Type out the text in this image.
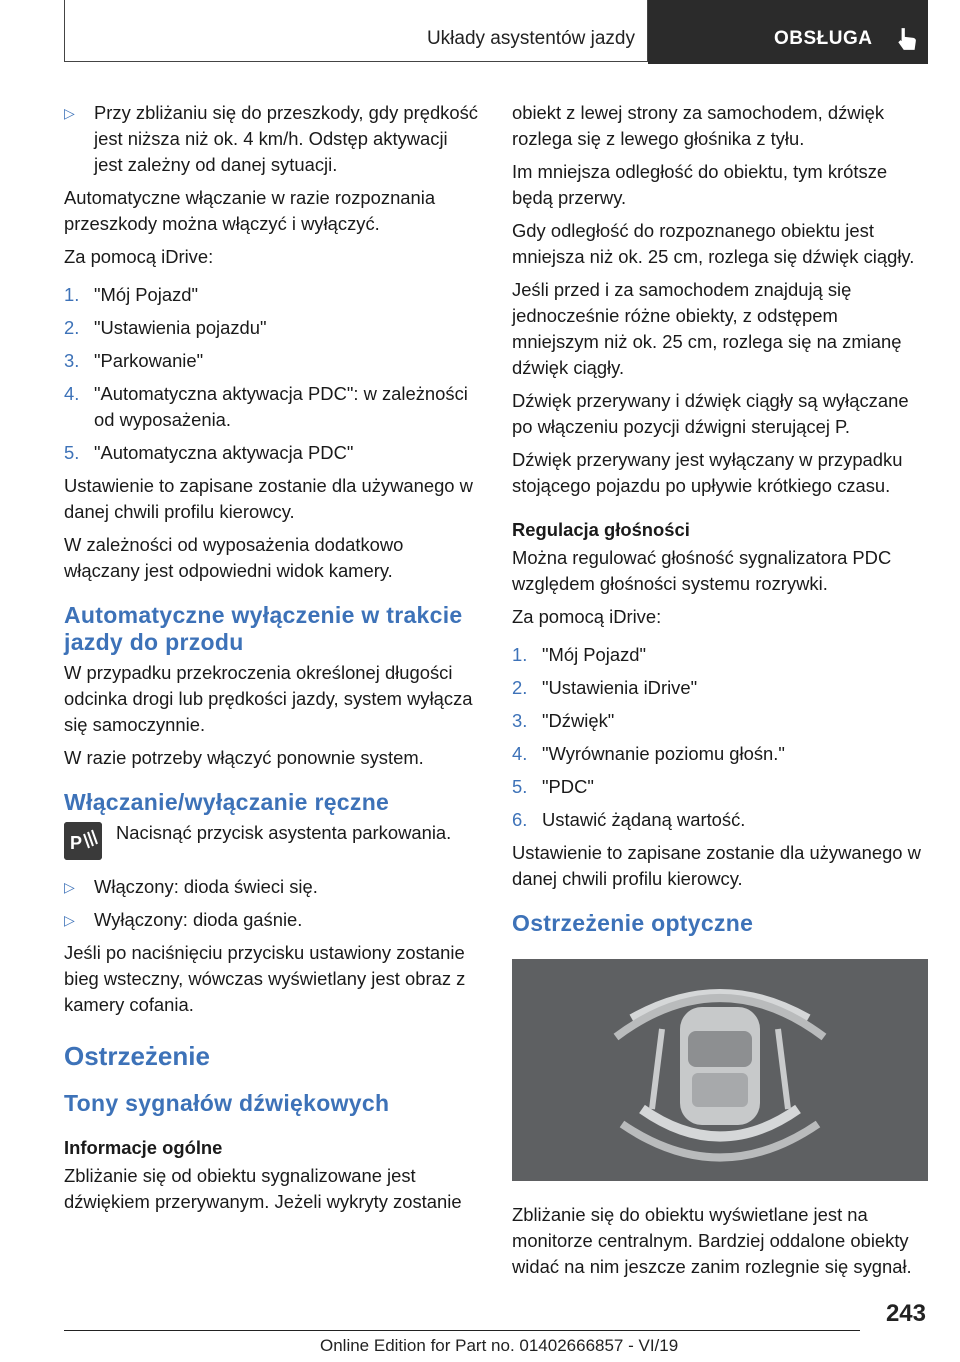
Układy asystentów jazdy	OBSŁUGA
▷	Przy zbliżaniu się do przeszkody, gdy prędkość jest niższa niż ok. 4 km/h. Odstęp aktywacji jest zależny od danej sytuacji.

Automatyczne włączanie w razie rozpoznania przeszkody można włączyć i wyłączyć.

Za pomocą iDrive:

1. "Mój Pojazd"
2. "Ustawienia pojazdu"
3. "Parkowanie"
4. "Automatyczna aktywacja PDC": w zależności od wyposażenia.
5. "Automatyczna aktywacja PDC"

Ustawienie to zapisane zostanie dla używanego w danej chwili profilu kierowcy.

W zależności od wyposażenia dodatkowo włączany jest odpowiedni widok kamery.

Automatyczne wyłączenie w trakcie jazdy do przodu

W przypadku przekroczenia określonej długości odcinka drogi lub prędkości jazdy, system wyłącza się samoczynnie.

W razie potrzeby włączyć ponownie system.

Włączanie/wyłączanie ręczne
P Nacisnąć przycisk asystenta parkowania.
▷	Włączony: dioda świeci się.
▷	Wyłączony: dioda gaśnie.

Jeśli po naciśnięciu przycisku ustawiony zostanie bieg wsteczny, wówczas wyświetlany jest obraz z kamery cofania.

Ostrzeżenie
Tony sygnałów dźwiękowych
Informacje ogólne

Zbliżanie się od obiektu sygnalizowane jest dźwiękiem przerywanym. Jeżeli wykryty zostanie

obiekt z lewej strony za samochodem, dźwięk rozlega się z lewego głośnika z tyłu.

Im mniejsza odległość do obiektu, tym krótsze będą przerwy.

Gdy odległość do rozpoznanego obiektu jest mniejsza niż ok. 25 cm, rozlega się dźwięk ciągły.

Jeśli przed i za samochodem znajdują się jednocześnie różne obiekty, z odstępem mniejszym niż ok. 25 cm, rozlega się na zmianę dźwięk ciągły.

Dźwięk przerywany i dźwięk ciągły są wyłączane po włączeniu pozycji dźwigni sterującej P.

Dźwięk przerywany jest wyłączany w przypadku stojącego pojazdu po upływie krótkiego czasu.

Regulacja głośności

Można regulować głośność sygnalizatora PDC względem głośności systemu rozrywki.

Za pomocą iDrive:

1. "Mój Pojazd"
2. "Ustawienia iDrive"
3. "Dźwięk"
4. "Wyrównanie poziomu głośn."
5. "PDC"
6. Ustawić żądaną wartość.

Ustawienie to zapisane zostanie dla używanego w danej chwili profilu kierowcy.

Ostrzeżenie optyczne

Zbliżanie się do obiektu wyświetlane jest na monitorze centralnym. Bardziej oddalone obiekty widać na nim jeszcze zanim rozlegnie się sygnał.

243
Online Edition for Part no. 01402666857 - VI/19
